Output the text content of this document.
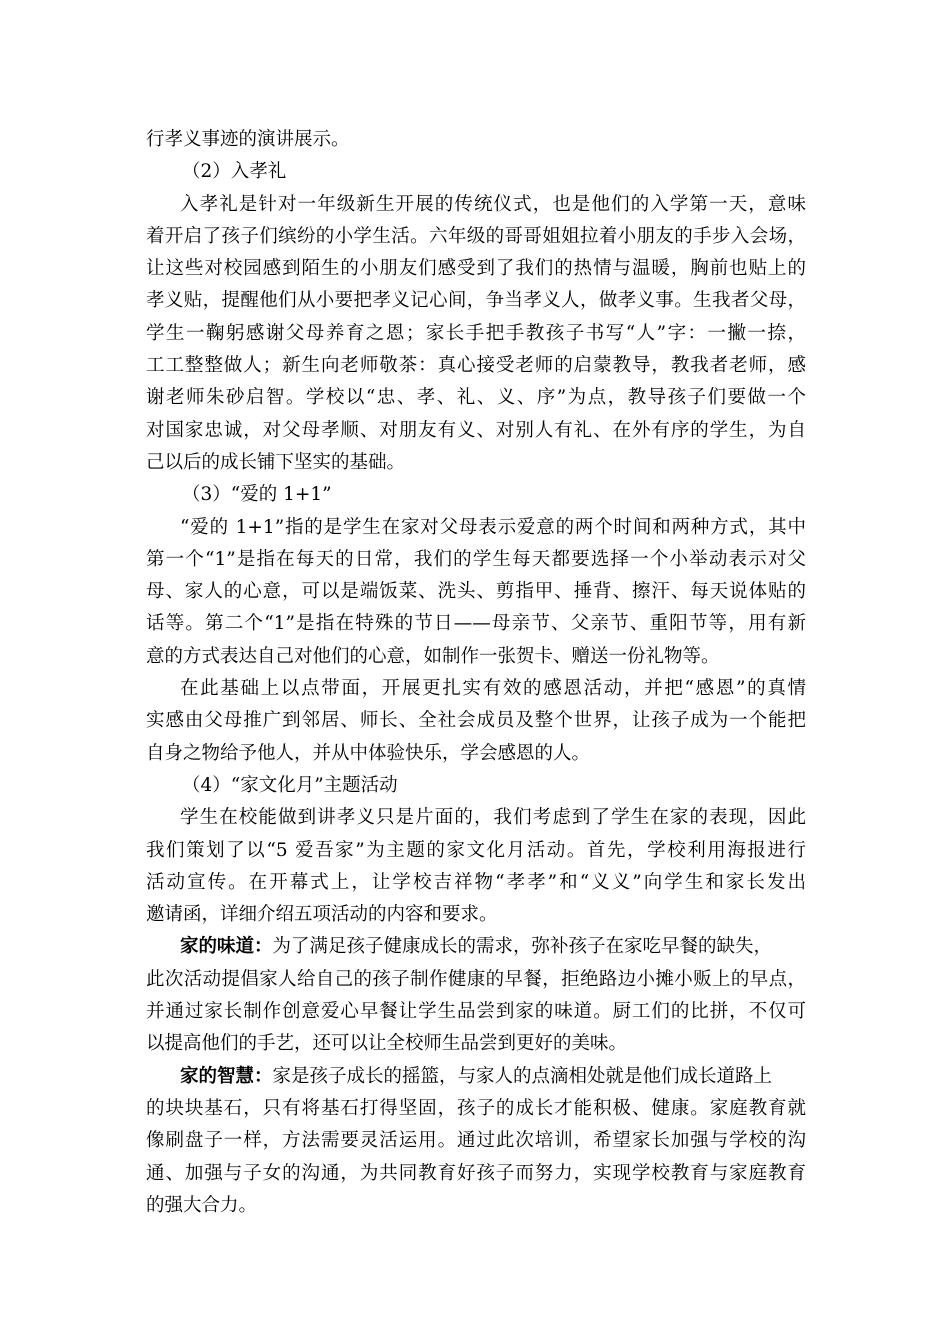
行孝义事迹的演讲展示。
（2）入孝礼
入孝礼是针对一年级新生开展的传统仪式，也是他们的入学第一天，意味
着开启了孩子们缤纷的小学生活。六年级的哥哥姐姐拉着小朋友的手步入会场，
让这些对校园感到陌生的小朋友们感受到了我们的热情与温暖，胸前也贴上的
孝义贴，提醒他们从小要把孝义记心间，争当孝义人，做孝义事。生我者父母，
学生一鞠躬感谢父母养育之恩；家长手把手教孩子书写“人”字：一撇一捺，
工工整整做人；新生向老师敬茶：真心接受老师的启蒙教导，教我者老师，感
谢老师朱砂启智。学校以“忠、孝、礼、义、序”为点，教导孩子们要做一个
对国家忠诚，对父母孝顺、对朋友有义、对别人有礼、在外有序的学生，为自
己以后的成长铺下坚实的基础。
（3）“爱的 1+1”
“爱的 1+1”指的是学生在家对父母表示爱意的两个时间和两种方式，其中
第一个“1”是指在每天的日常，我们的学生每天都要选择一个小举动表示对父
母、家人的心意，可以是端饭菜、洗头、剪指甲、捶背、擦汗、每天说体贴的
话等。第二个“1”是指在特殊的节日——母亲节、父亲节、重阳节等，用有新
意的方式表达自己对他们的心意，如制作一张贺卡、赠送一份礼物等。
在此基础上以点带面，开展更扎实有效的感恩活动，并把“感恩”的真情
实感由父母推广到邻居、师长、全社会成员及整个世界，让孩子成为一个能把
自身之物给予他人，并从中体验快乐，学会感恩的人。
（4）“家文化月”主题活动
学生在校能做到讲孝义只是片面的，我们考虑到了学生在家的表现，因此
我们策划了以“5 爱吾家”为主题的家文化月活动。首先，学校利用海报进行
活动宣传。在开幕式上，让学校吉祥物“孝孝”和“义义”向学生和家长发出
邀请函，详细介绍五项活动的内容和要求。
家的味道：为了满足孩子健康成长的需求，弥补孩子在家吃早餐的缺失，
此次活动提倡家人给自己的孩子制作健康的早餐，拒绝路边小摊小贩上的早点，
并通过家长制作创意爱心早餐让学生品尝到家的味道。厨工们的比拼，不仅可
以提高他们的手艺，还可以让全校师生品尝到更好的美味。
家的智慧：家是孩子成长的摇篮，与家人的点滴相处就是他们成长道路上
的块块基石，只有将基石打得坚固，孩子的成长才能积极、健康。家庭教育就
像刷盘子一样，方法需要灵活运用。通过此次培训，希望家长加强与学校的沟
通、加强与子女的沟通，为共同教育好孩子而努力，实现学校教育与家庭教育
的强大合力。
